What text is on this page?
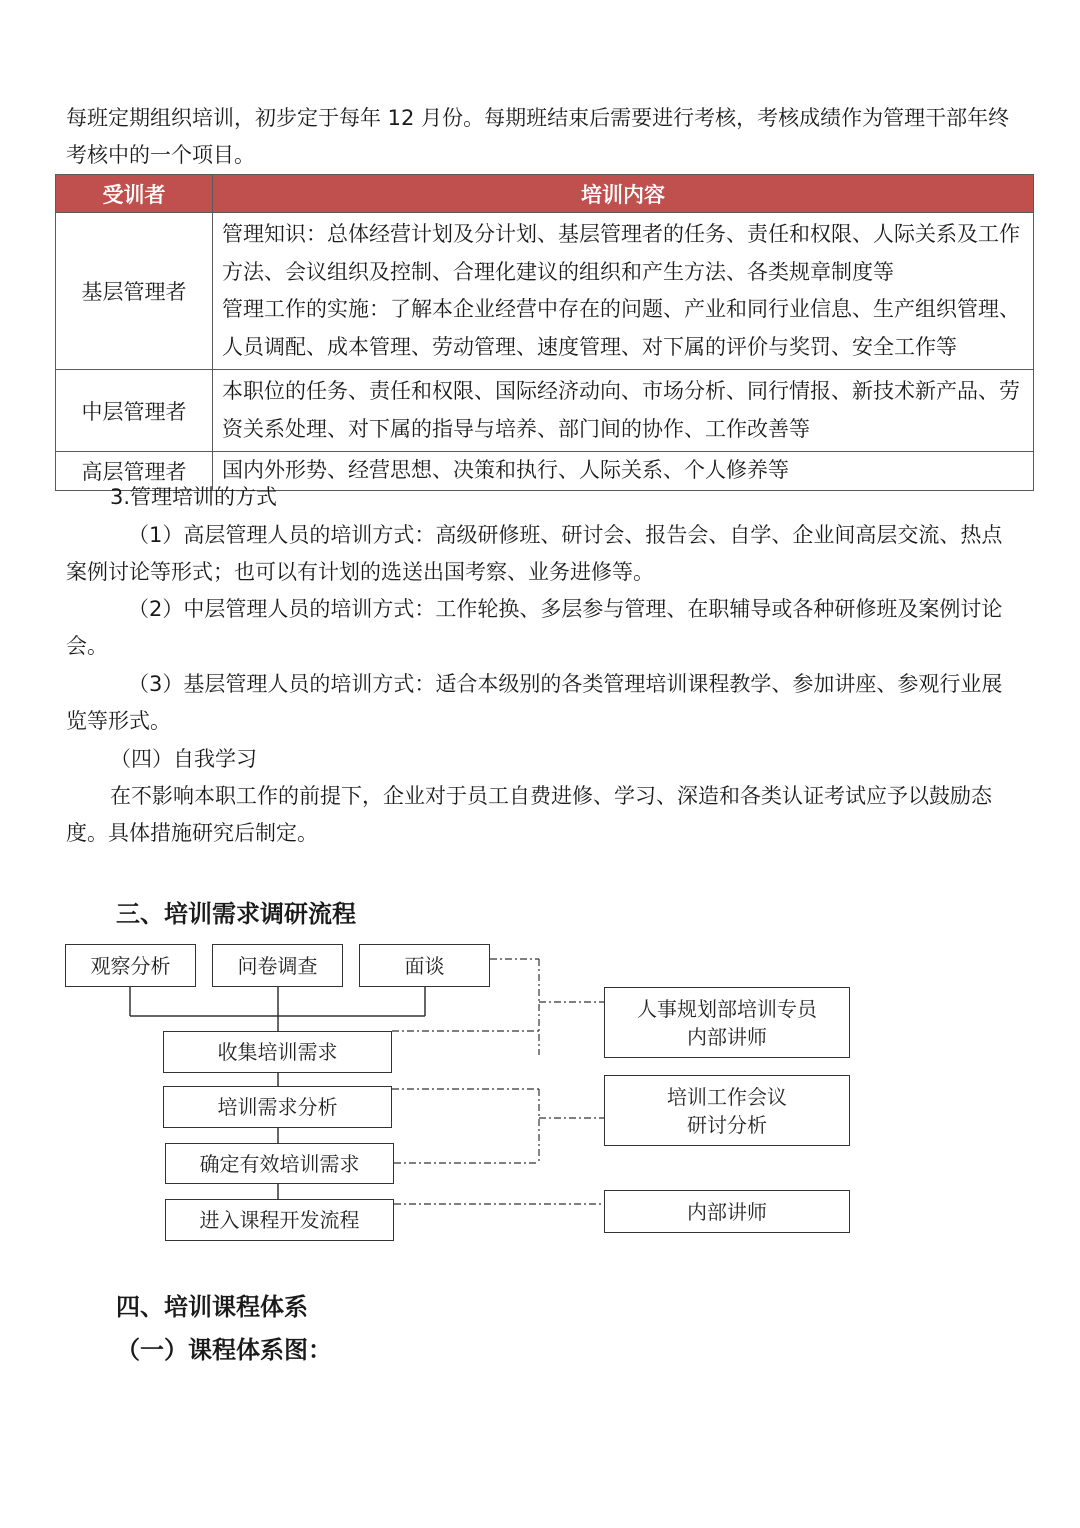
每班定期组织培训，初步定于每年 12 月份。每期班结束后需要进行考核，考核成绩作为管理干部年终考核中的一个项目。

受训者	培训内容
基层管理者	管理知识：总体经营计划及分计划、基层管理者的任务、责任和权限、人际关系及工作方法、会议组织及控制、合理化建议的组织和产生方法、各类规章制度等
管理工作的实施：了解本企业经营中存在的问题、产业和同行业信息、生产组织管理、人员调配、成本管理、劳动管理、速度管理、对下属的评价与奖罚、安全工作等

中层管理者	本职位的任务、责任和权限、国际经济动向、市场分析、同行情报、新技术新产品、劳资关系处理、对下属的指导与培养、部门间的协作、工作改善等

高层管理者	国内外形势、经营思想、决策和执行、人际关系、个人修养等

3.管理培训的方式

（1）高层管理人员的培训方式：高级研修班、研讨会、报告会、自学、企业间高层交流、热点案例讨论等形式；也可以有计划的选送出国考察、业务进修等。

（2）中层管理人员的培训方式：工作轮换、多层参与管理、在职辅导或各种研修班及案例讨论会。

（3）基层管理人员的培训方式：适合本级别的各类管理培训课程教学、参加讲座、参观行业展览等形式。

（四）自我学习

在不影响本职工作的前提下，企业对于员工自费进修、学习、深造和各类认证考试应予以鼓励态度。具体措施研究后制定。

三、培训需求调研流程
观察分析	问卷调查	面谈
收集培训需求
培训需求分析
确定有效培训需求
进入课程开发流程
人事规划部培训专员
内部讲师
培训工作会议
研讨分析
内部讲师
四、培训课程体系
（一）课程体系图：
